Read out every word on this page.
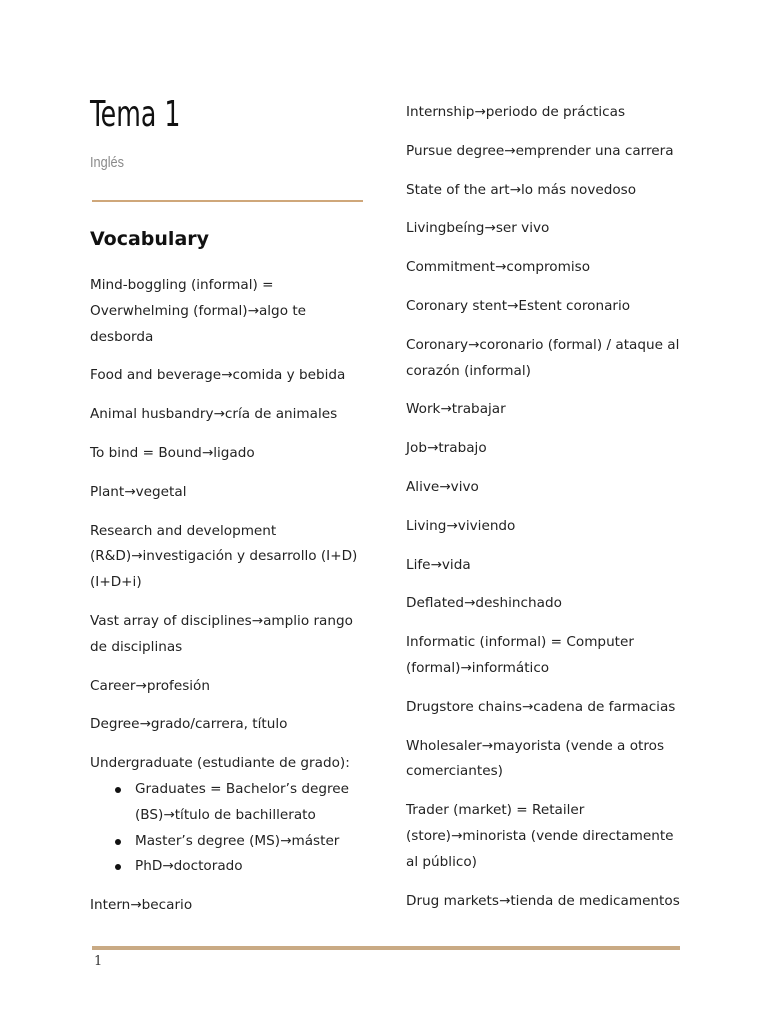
Tema 1
Inglés
Vocabulary
Mind-boggling (informal) = Overwhelming (formal)→algo te desborda
Food and beverage→comida y bebida
Animal husbandry→cría de animales
To bind = Bound→ligado
Plant→vegetal
Research and development (R&D)→investigación y desarrollo (I+D) (I+D+i)
Vast array of disciplines→amplio rango de disciplinas
Career→profesión
Degree→grado/carrera, título
Undergraduate (estudiante de grado):
Graduates = Bachelor’s degree (BS)→título de bachillerato
Master’s degree (MS)→máster
PhD→doctorado
Intern→becario
Internship→periodo de prácticas
Pursue degree→emprender una carrera
State of the art→lo más novedoso
Livingbeíng→ser vivo
Commitment→compromiso
Coronary stent→Estent coronario
Coronary→coronario (formal) / ataque al corazón (informal)
Work→trabajar
Job→trabajo
Alive→vivo
Living→viviendo
Life→vida
Deflated→deshinchado
Informatic (informal) = Computer (formal)→informático
Drugstore chains→cadena de farmacias
Wholesaler→mayorista (vende a otros comerciantes)
Trader (market) = Retailer (store)→minorista (vende directamente al público)
Drug markets→tienda de medicamentos
1
